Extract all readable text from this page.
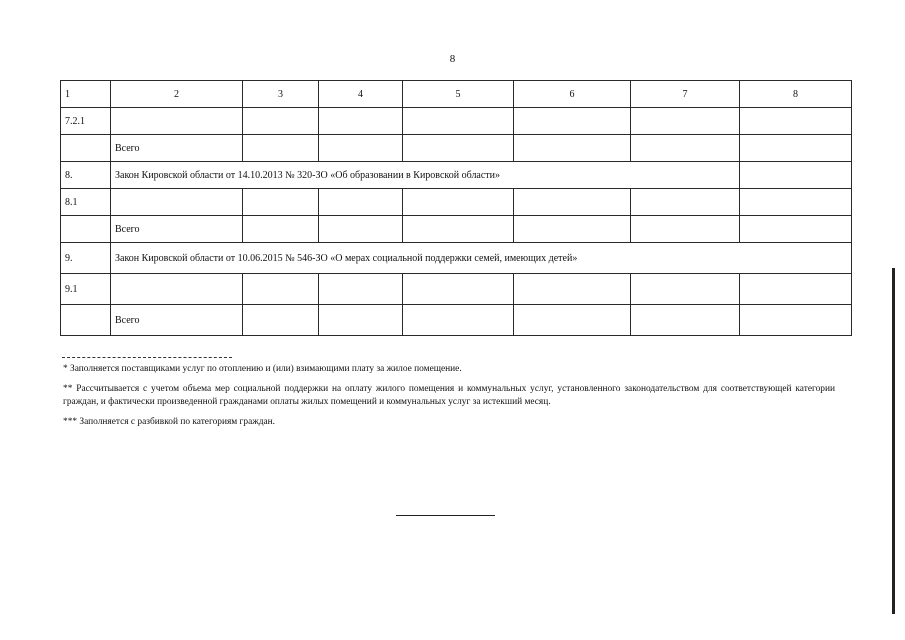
8
1	2	3	4	5	6	7	8
7.2.1							
	Всего						
8.	Закон Кировской области от 14.10.2013 № 320-ЗО «Об образовании в Кировской области»						
8.1							
	Всего						
9.	Закон Кировской области от 10.06.2015 № 546-ЗО «О мерах социальной поддержки семей, имеющих детей»						
9.1							
	Всего						

* Заполняется поставщиками услуг по отоплению и (или) взимающими плату за жилое помещение.

** Рассчитывается с учетом объема мер социальной поддержки на оплату жилого помещения и коммунальных услуг, установленного законодательством для соответствующей категории граждан, и фактически произведенной гражданами оплаты жилых помещений и коммунальных услуг за истекший месяц.

*** Заполняется с разбивкой по категориям граждан.
